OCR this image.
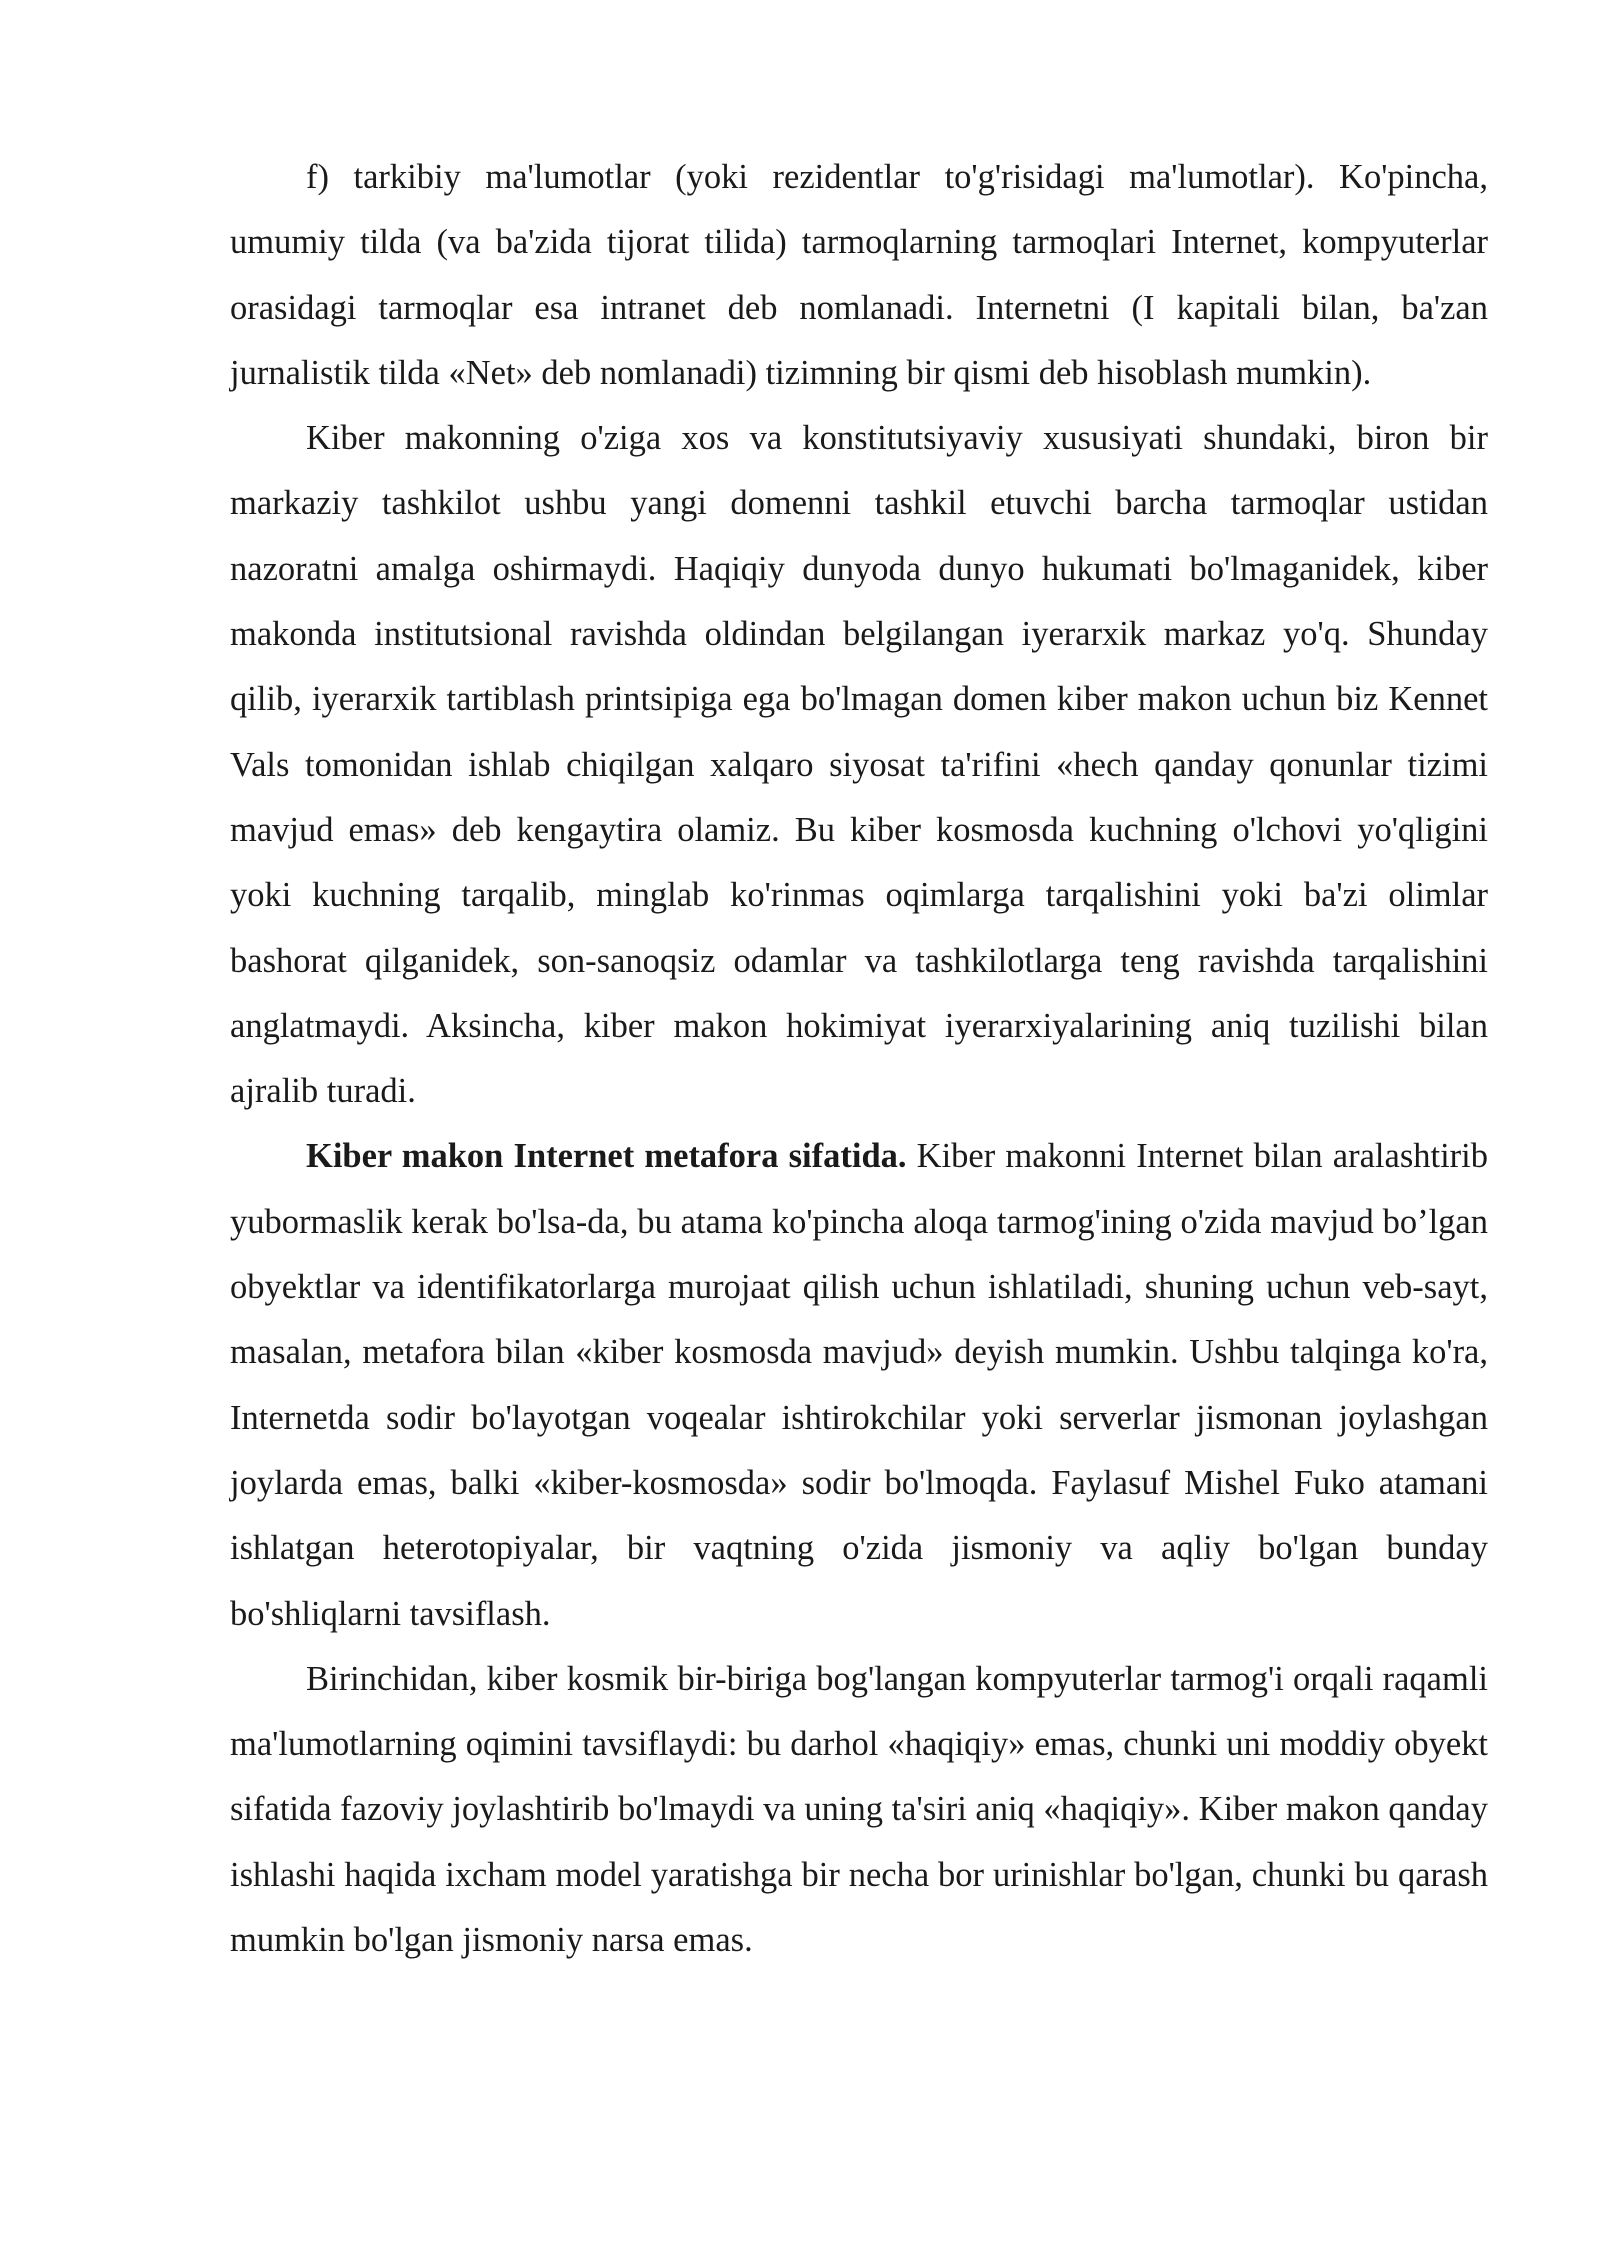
f) tarkibiy ma'lumotlar (yoki rezidentlar to'g'risidagi ma'lumotlar). Ko'pincha, umumiy tilda (va ba'zida tijorat tilida) tarmoqlarning tarmoqlari Internet, kompyuterlar orasidagi tarmoqlar esa intranet deb nomlanadi. Internetni (I kapitali bilan, ba'zan jurnalistik tilda «Net» deb nomlanadi) tizimning bir qismi deb hisoblash mumkin).

Kiber makonning o'ziga xos va konstitutsiyaviy xususiyati shundaki, biron bir markaziy tashkilot ushbu yangi domenni tashkil etuvchi barcha tarmoqlar ustidan nazoratni amalga oshirmaydi. Haqiqiy dunyoda dunyo hukumati bo'lmaganidek, kiber makonda institutsional ravishda oldindan belgilangan iyerarxik markaz yo'q. Shunday qilib, iyerarxik tartiblash printsipiga ega bo'lmagan domen kiber makon uchun biz Kennet Vals tomonidan ishlab chiqilgan xalqaro siyosat ta'rifini «hech qanday qonunlar tizimi mavjud emas» deb kengaytira olamiz. Bu kiber kosmosda kuchning o'lchovi yo'qligini yoki kuchning tarqalib, minglab ko'rinmas oqimlarga tarqalishini yoki ba'zi olimlar bashorat qilganidek, son-sanoqsiz odamlar va tashkilotlarga teng ravishda tarqalishini anglatmaydi. Aksincha, kiber makon hokimiyat iyerarxiyalarining aniq tuzilishi bilan ajralib turadi.

Kiber makon Internet metafora sifatida. Kiber makonni Internet bilan aralashtirib yubormaslik kerak bo'lsa-da, bu atama ko'pincha aloqa tarmog'ining o'zida mavjud bo’lgan obyektlar va identifikatorlarga murojaat qilish uchun ishlatiladi, shuning uchun veb-sayt, masalan, metafora bilan «kiber kosmosda mavjud» deyish mumkin. Ushbu talqinga ko'ra, Internetda sodir bo'layotgan voqealar ishtirokchilar yoki serverlar jismonan joylashgan joylarda emas, balki «kiber-kosmosda» sodir bo'lmoqda. Faylasuf Mishel Fuko atamani ishlatgan heterotopiyalar, bir vaqtning o'zida jismoniy va aqliy bo'lgan bunday bo'shliqlarni tavsiflash.

Birinchidan, kiber kosmik bir-biriga bog'langan kompyuterlar tarmog'i orqali raqamli ma'lumotlarning oqimini tavsiflaydi: bu darhol «haqiqiy» emas, chunki uni moddiy obyekt sifatida fazoviy joylashtirib bo'lmaydi va uning ta'siri aniq «haqiqiy». Kiber makon qanday ishlashi haqida ixcham model yaratishga bir necha bor urinishlar bo'lgan, chunki bu qarash mumkin bo'lgan jismoniy narsa emas.
